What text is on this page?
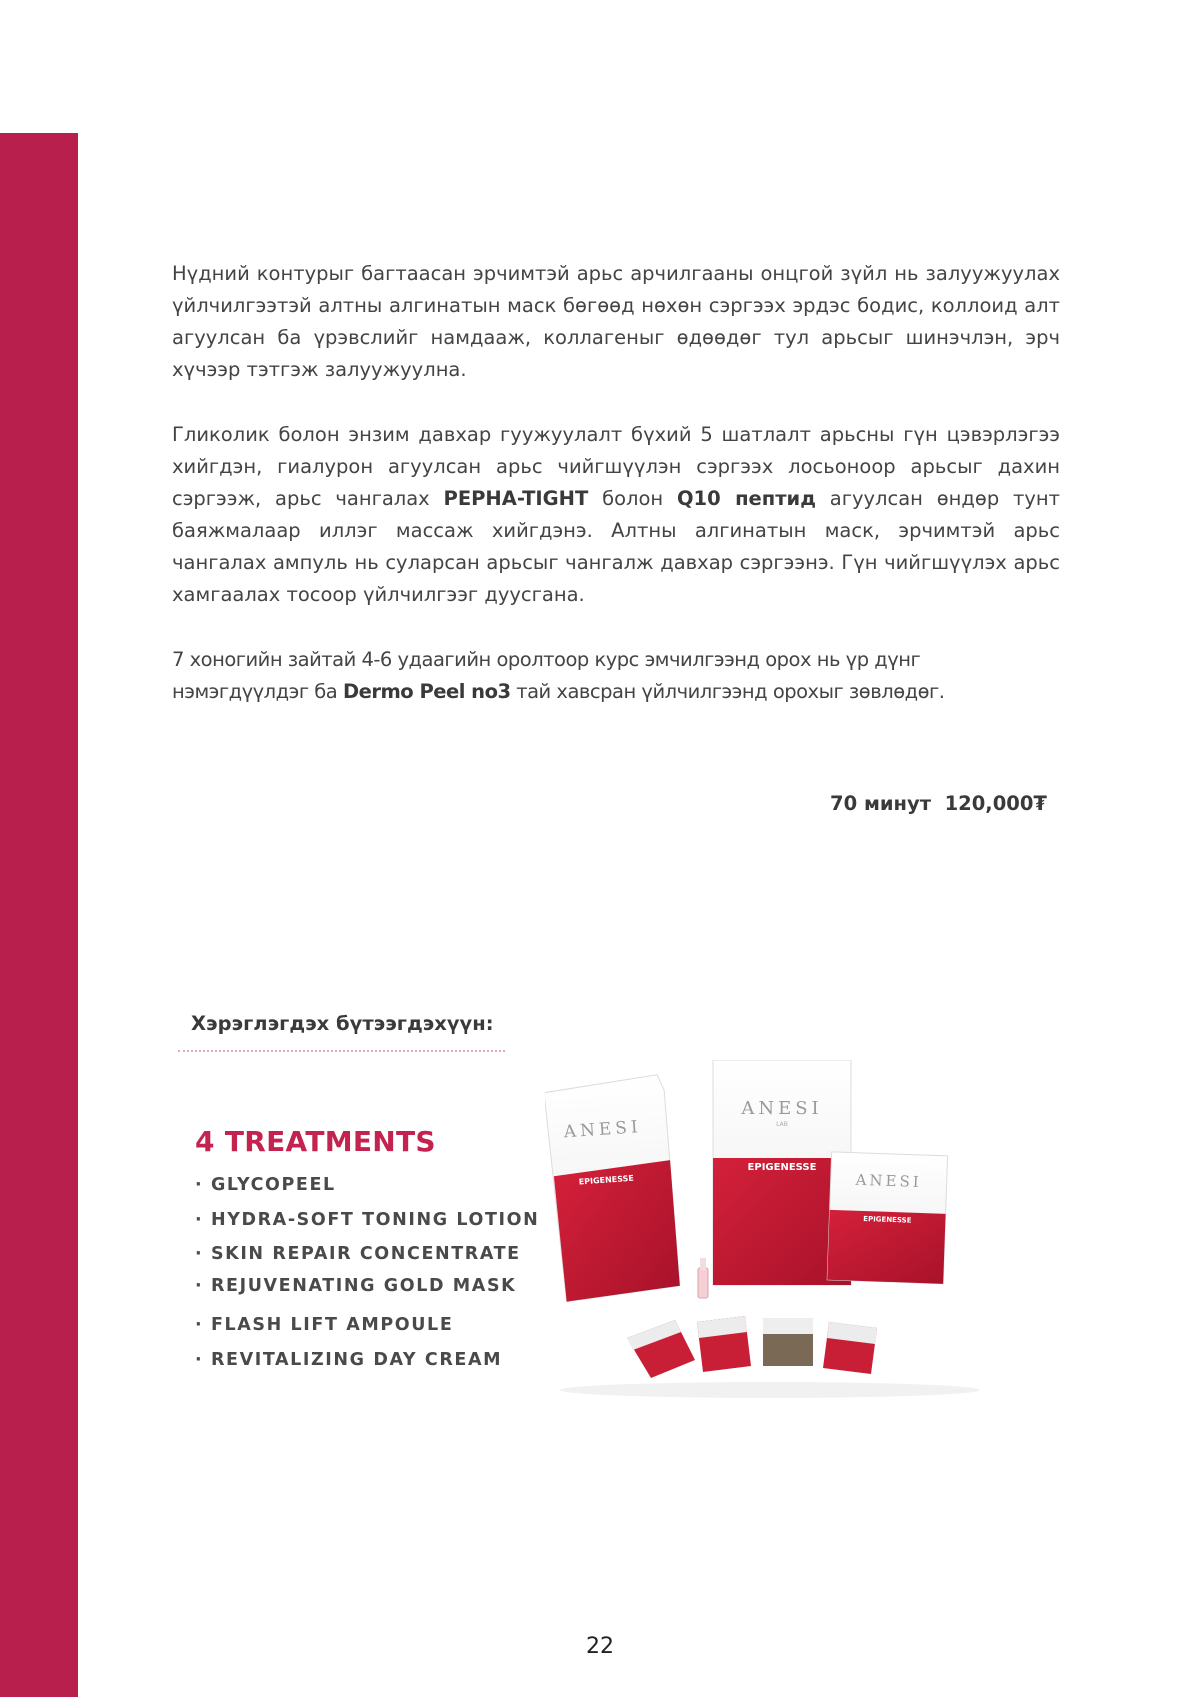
Нүдний контурыг багтаасан эрчимтэй арьс арчилгааны онцгой зүйл нь залуужуулах үйлчилгээтэй алтны алгинатын маск бөгөөд нөхөн сэргээх эрдэс бодис, коллоид алт агуулсан ба үрэвслийг намдааж, коллагеныг өдөөдөг тул арьсыг шинэчлэн, эрч хүчээр тэтгэж залуужуулна.

Гликолик болон энзим давхар гуужуулалт бүхий 5 шатлалт арьсны гүн цэвэрлэгээ хийгдэн, гиалурон агуулсан арьс чийгшүүлэн сэргээх лосьоноор арьсыг дахин сэргээж, арьс чангалах PEPHA-TIGHT болон Q10 пептид агуулсан өндөр тунт баяжмалаар иллэг массаж хийгдэнэ. Алтны алгинатын маск, эрчимтэй арьс чангалах ампуль нь суларсан арьсыг чангалж давхар сэргээнэ. Гүн чийгшүүлэх арьс хамгаалах тосоор үйлчилгээг дуусгана.

7 хоногийн зайтай 4-6 удаагийн оролтоор курс эмчилгээнд орох нь үр дүнг нэмэгдүүлдэг ба Dermo Peel no3 тай хавсран үйлчилгээнд орохыг зөвлөдөг.

70 минут  120,000₮
Хэрэглэгдэх бүтээгдэхүүн:
4 TREATMENTS
· GLYCOPEEL
· HYDRA-SOFT TONING LOTION
· SKIN REPAIR CONCENTRATE
· REJUVENATING GOLD MASK
· FLASH LIFT AMPOULE
· REVITALIZING DAY CREAM
ANESI
EPIGENESSE
ANESI
LAB
EPIGENESSE
ANESI
EPIGENESSE
22
